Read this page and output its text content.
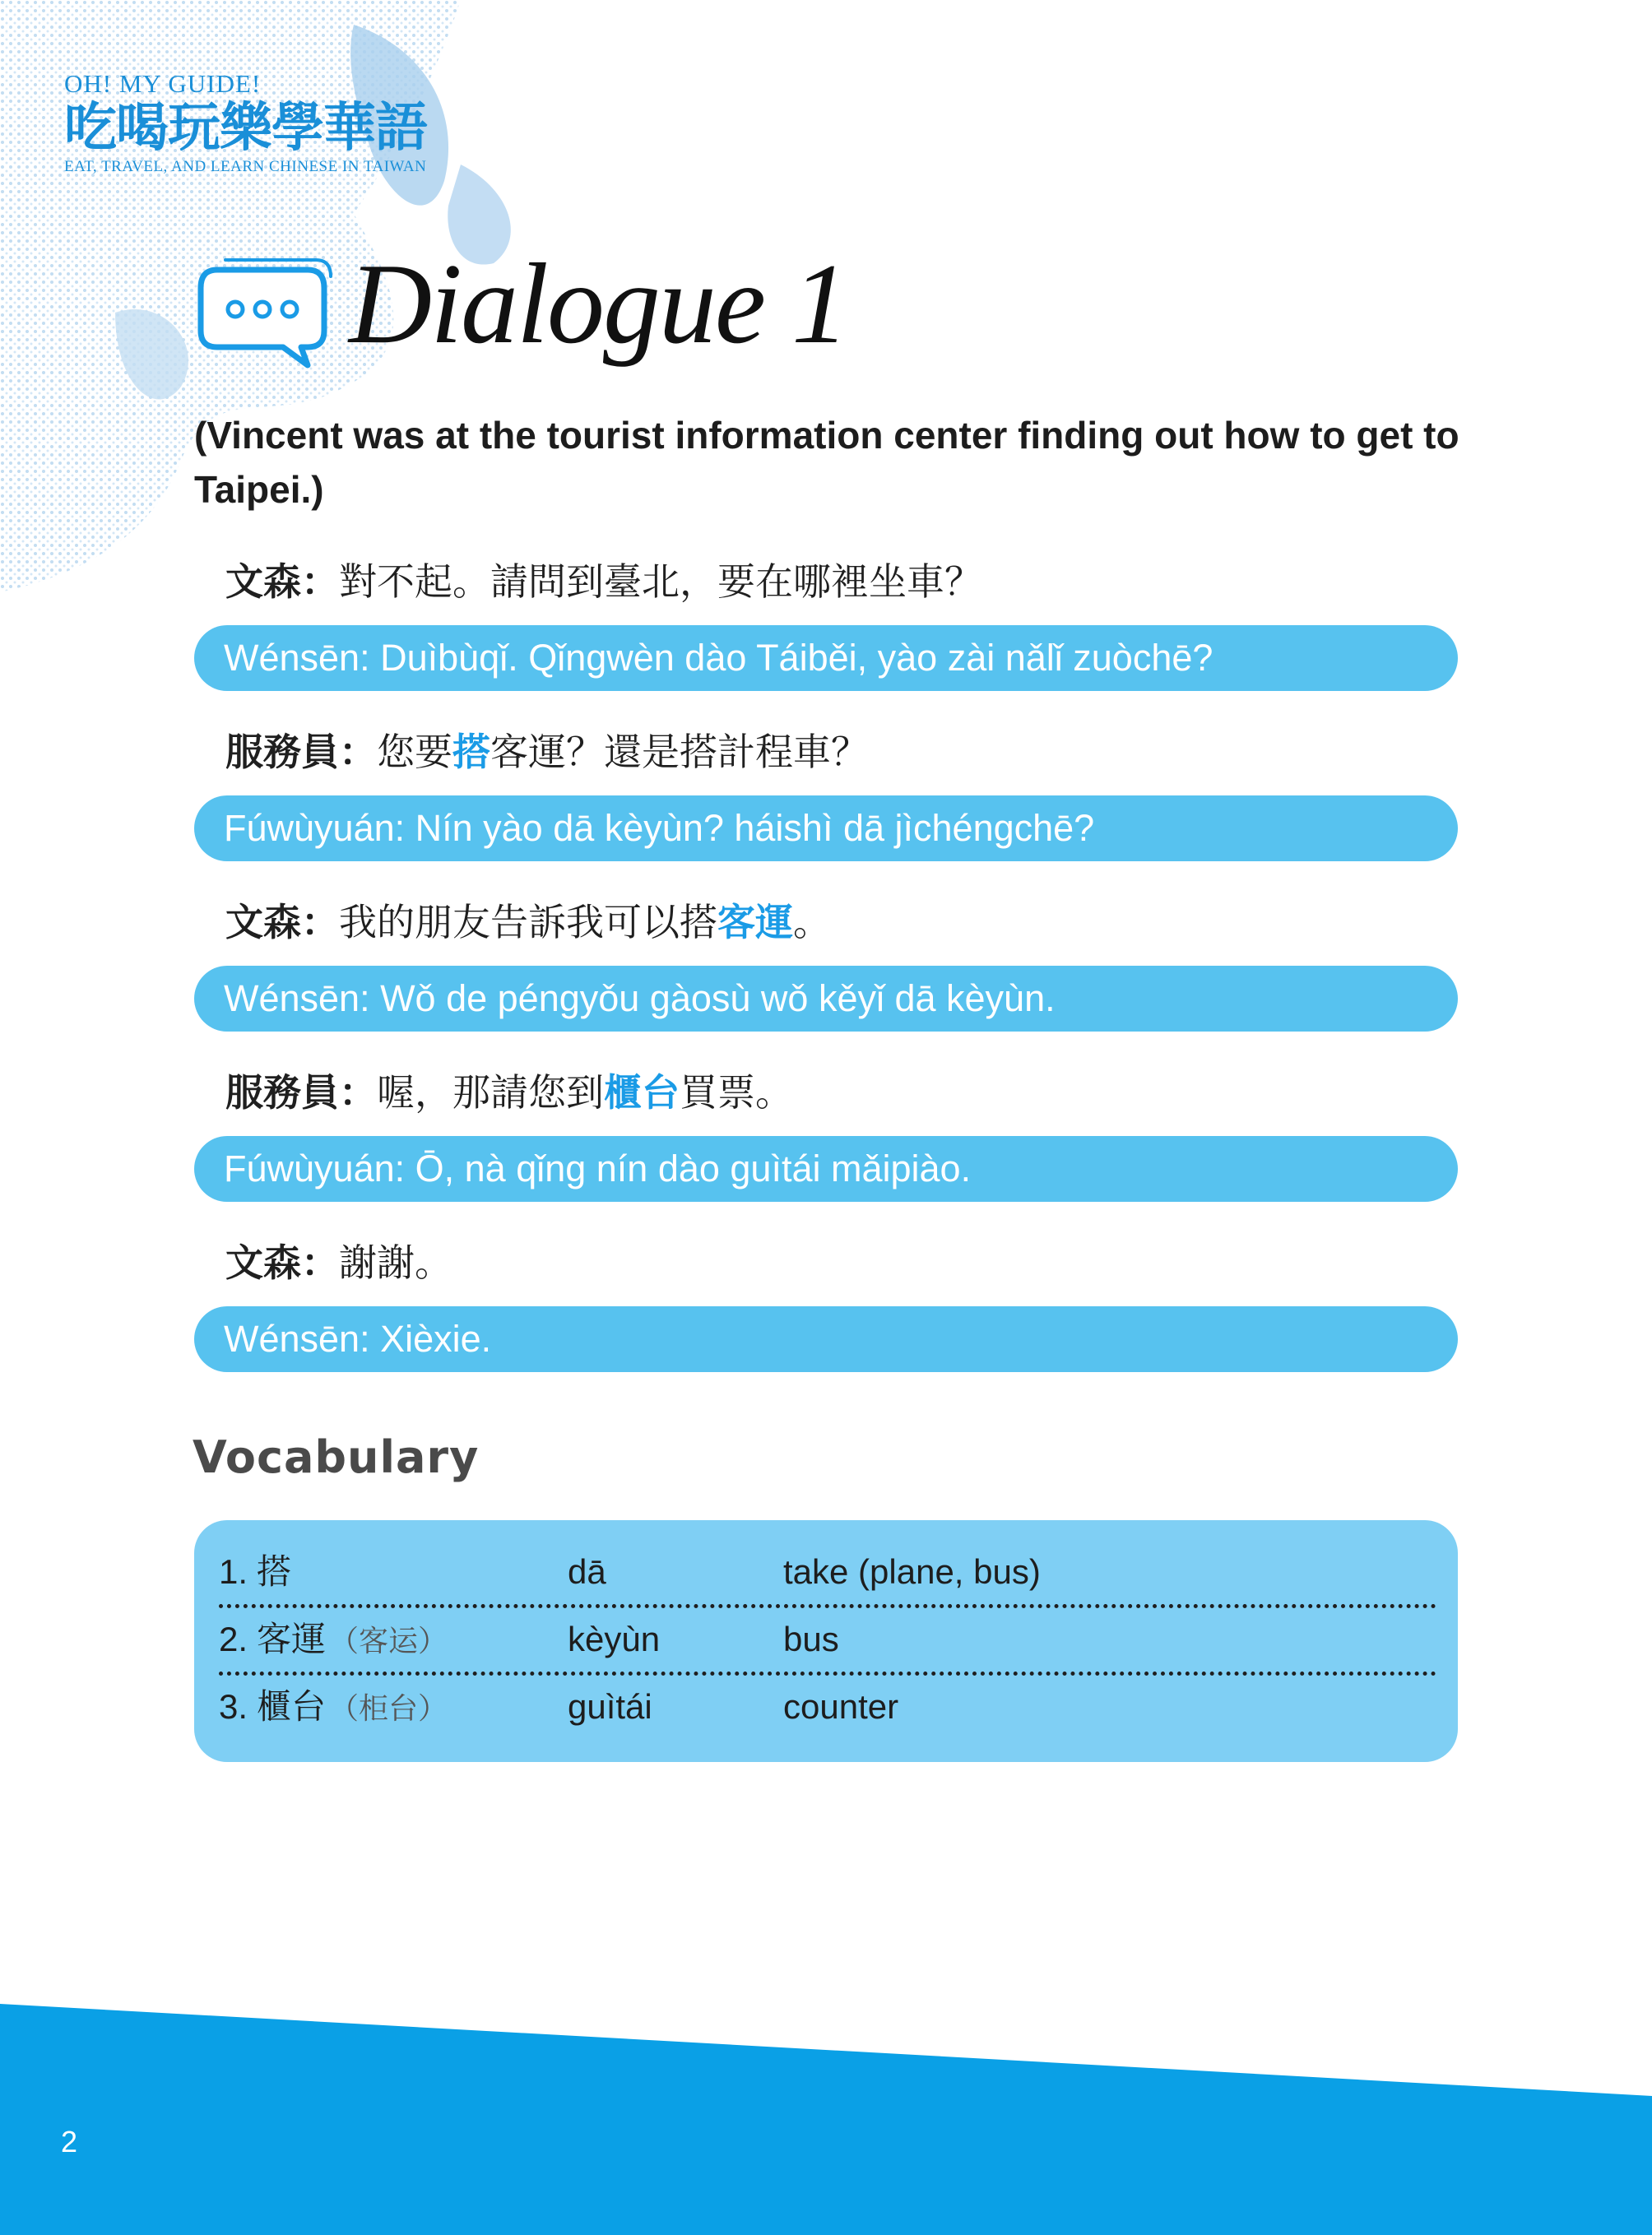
OH! MY GUIDE!
吃喝玩樂學華語
EAT, TRAVEL, AND LEARN CHINESE IN TAIWAN
Dialogue 1
(Vincent was at the tourist information center finding out how to get to Taipei.)
文森：對不起。請問到臺北，要在哪裡坐車？
Wénsēn: Duìbùqǐ. Qǐngwèn dào Táiběi, yào zài nǎlǐ zuòchē?
服務員：您要搭客運？還是搭計程車？
Fúwùyuán: Nín yào dā kèyùn? háishì dā jìchéngchē?
文森：我的朋友告訴我可以搭客運。
Wénsēn: Wǒ de péngyǒu gàosù wǒ kěyǐ dā kèyùn.
服務員：喔，那請您到櫃台買票。
Fúwùyuán: Ō, nà qǐng nín dào guìtái mǎipiào.
文森：謝謝。
Wénsēn: Xièxie.
Vocabulary
1. 搭	dā	take (plane, bus)
2. 客運 （客运）	kèyùn	bus
3. 櫃台 （柜台）	guìtái	counter
2
